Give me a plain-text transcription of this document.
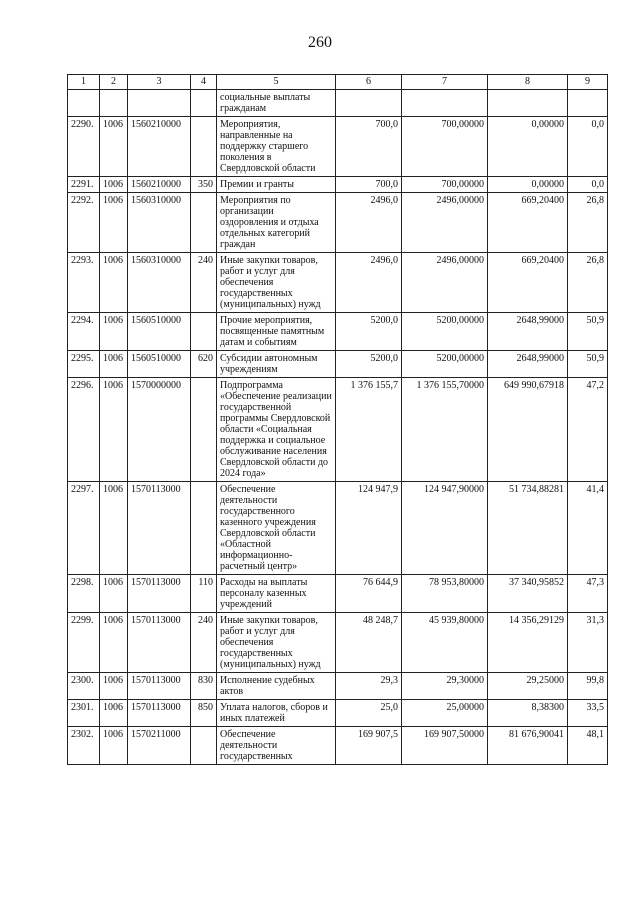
260
1	2	3	4	5	6	7	8	9
				социальные выплаты гражданам				
2290.	1006	1560210000		Мероприятия, направленные на поддержку старшего поколения в Свердловской области	700,0	700,00000	0,00000	0,0
2291.	1006	1560210000	350	Премии и гранты	700,0	700,00000	0,00000	0,0
2292.	1006	1560310000		Мероприятия по организации оздоровления и отдыха отдельных категорий граждан	2496,0	2496,00000	669,20400	26,8
2293.	1006	1560310000	240	Иные закупки товаров, работ и услуг для обеспечения государственных (муниципальных) нужд	2496,0	2496,00000	669,20400	26,8
2294.	1006	1560510000		Прочие мероприятия, посвященные памятным датам и событиям	5200,0	5200,00000	2648,99000	50,9
2295.	1006	1560510000	620	Субсидии автономным учреждениям	5200,0	5200,00000	2648,99000	50,9
2296.	1006	1570000000		Подпрограмма «Обеспечение реализации государственной программы Свердловской области «Социальная поддержка и социальное обслуживание населения Свердловской области до 2024 года»	1 376 155,7	1 376 155,70000	649 990,67918	47,2
2297.	1006	1570113000		Обеспечение деятельности государственного казенного учреждения Свердловской области «Областной информационно-расчетный центр»	124 947,9	124 947,90000	51 734,88281	41,4
2298.	1006	1570113000	110	Расходы на выплаты персоналу казенных учреждений	76 644,9	78 953,80000	37 340,95852	47,3
2299.	1006	1570113000	240	Иные закупки товаров, работ и услуг для обеспечения государственных (муниципальных) нужд	48 248,7	45 939,80000	14 356,29129	31,3
2300.	1006	1570113000	830	Исполнение судебных актов	29,3	29,30000	29,25000	99,8
2301.	1006	1570113000	850	Уплата налогов, сборов и иных платежей	25,0	25,00000	8,38300	33,5
2302.	1006	1570211000		Обеспечение деятельности государственных	169 907,5	169 907,50000	81 676,90041	48,1
